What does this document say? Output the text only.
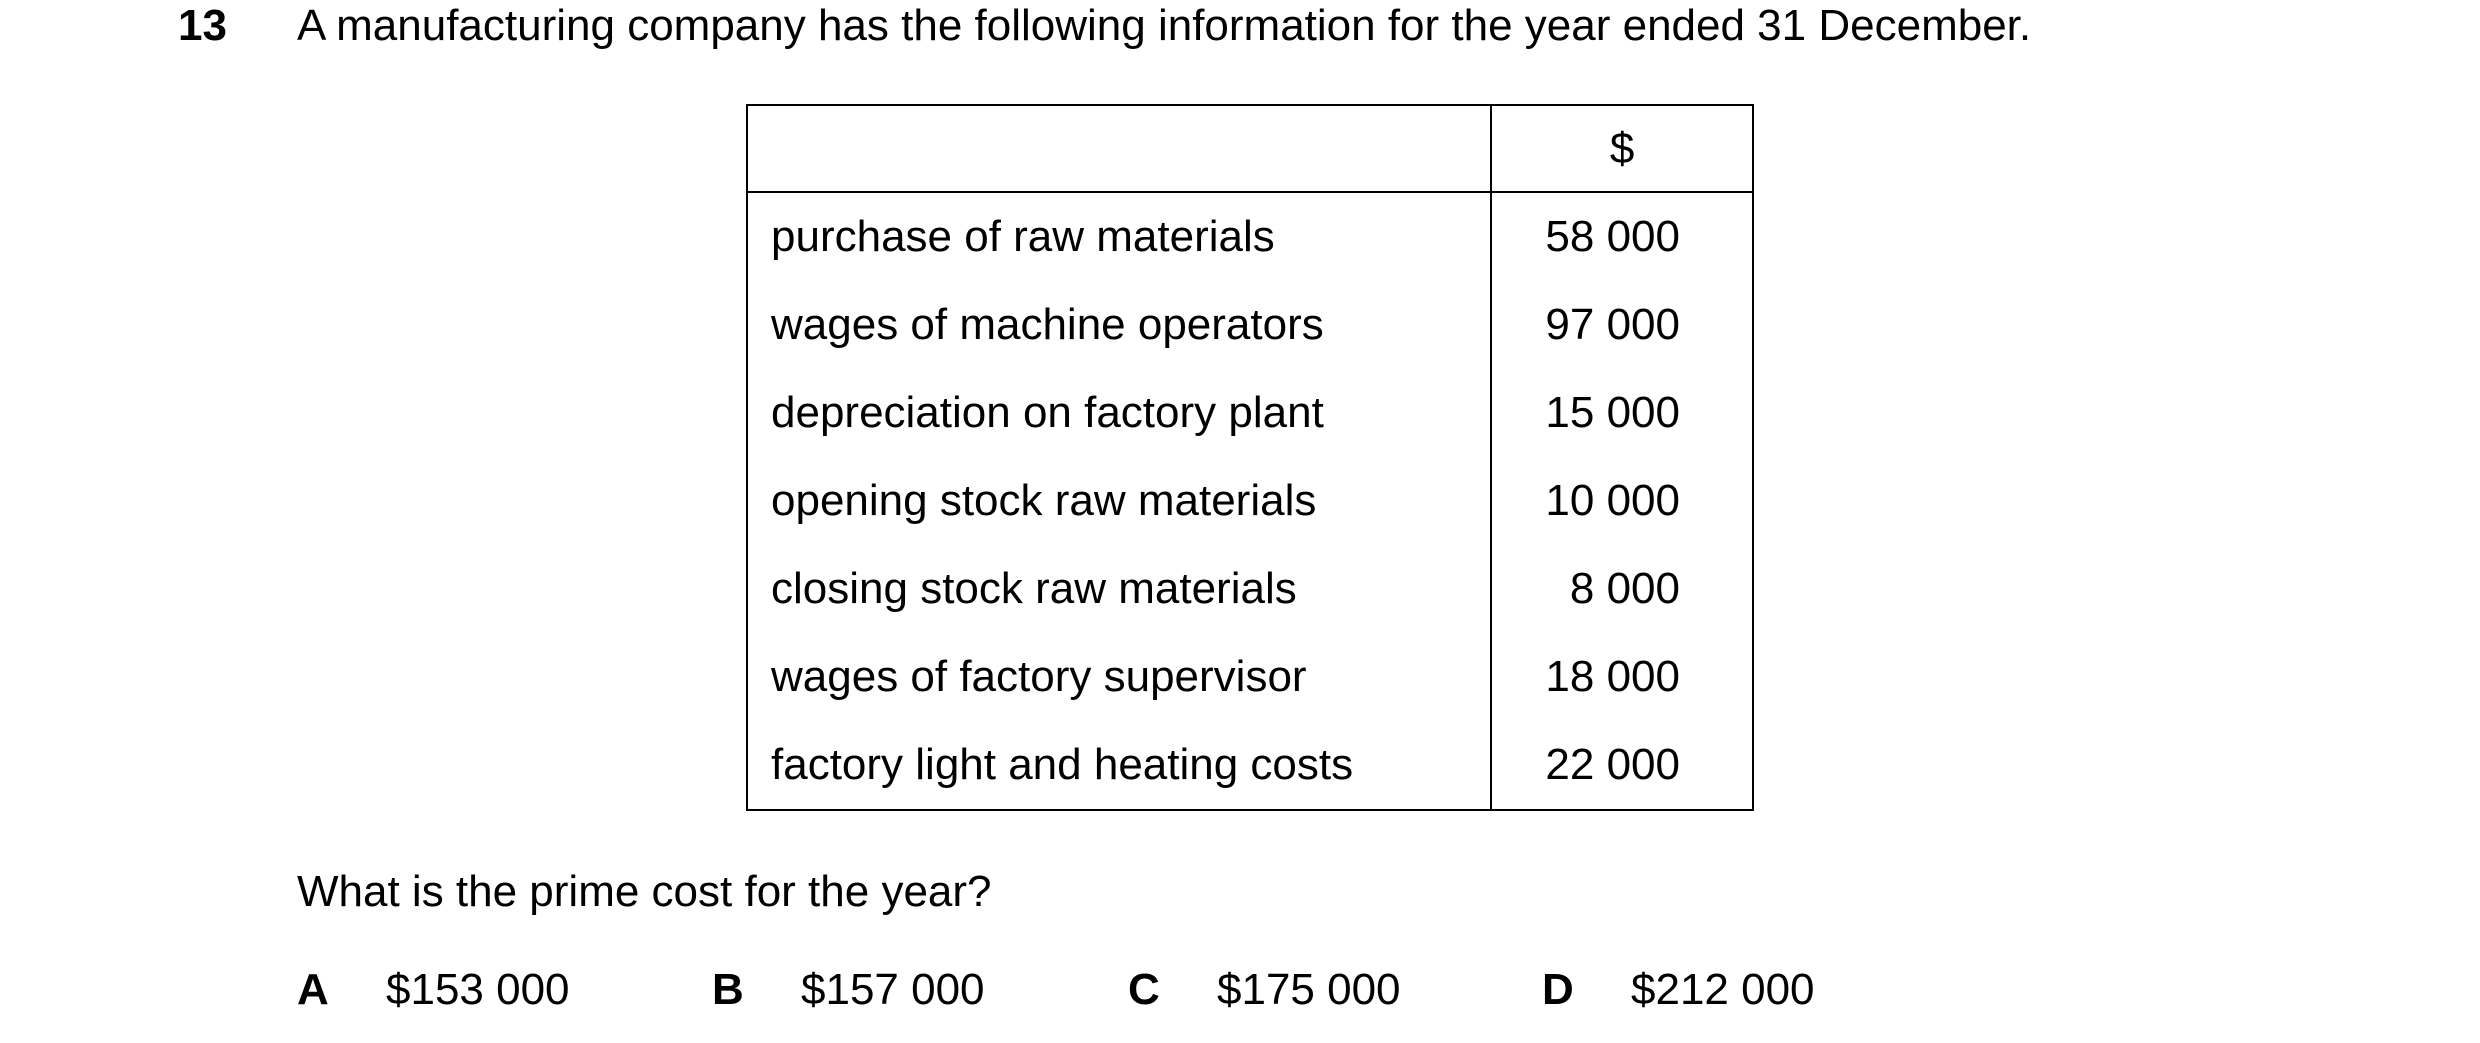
13 A manufacturing company has the following information for the year ended 31 December.
	$
purchase of raw materials	58 000
wages of machine operators	97 000
depreciation on factory plant	15 000
opening stock raw materials	10 000
closing stock raw materials	8 000
wages of factory supervisor	18 000
factory light and heating costs	22 000
What is the prime cost for the year?
A $153 000	B $157 000	C $175 000	D $212 000
